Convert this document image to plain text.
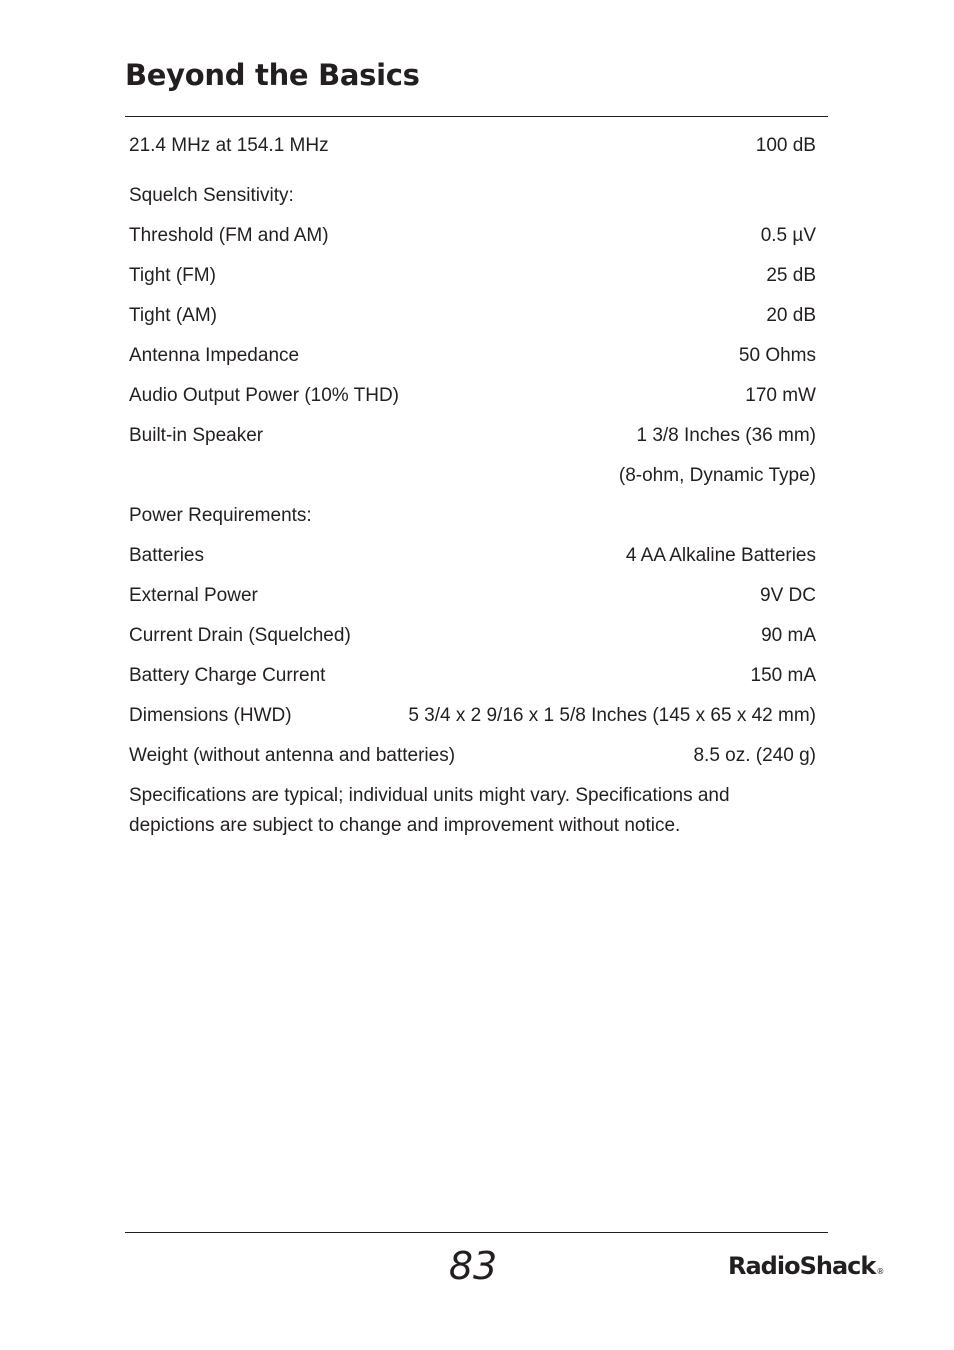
Beyond the Basics
21.4 MHz at 154.1 MHz	100 dB
Squelch Sensitivity:
Threshold (FM and AM)	0.5 µV
Tight (FM)	25 dB
Tight (AM)	20 dB
Antenna Impedance	50 Ohms
Audio Output Power (10% THD)	170 mW
Built-in Speaker	1 3/8 Inches (36 mm)
(8-ohm, Dynamic Type)
Power Requirements:
Batteries	4 AA Alkaline Batteries
External Power	9V DC
Current Drain (Squelched)	90 mA
Battery Charge Current	150 mA
Dimensions (HWD)	5 3/4 x 2 9/16 x 1 5/8 Inches (145 x 65 x 42 mm)
Weight (without antenna and batteries)	8.5 oz. (240 g)
Specifications are typical; individual units might vary. Specifications and depictions are subject to change and improvement without notice.
83	RadioShack®
